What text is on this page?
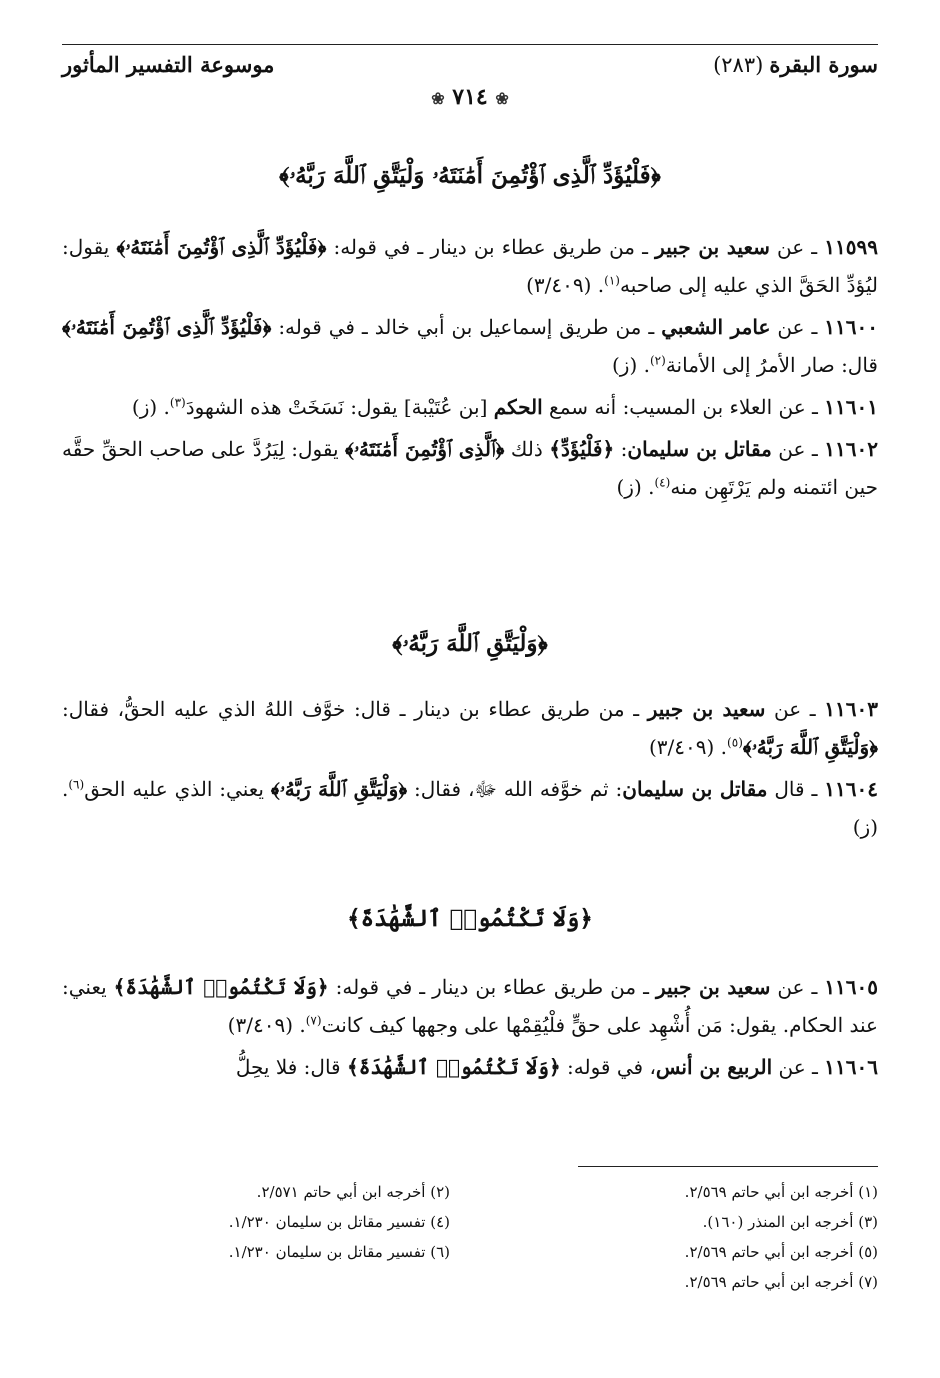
سورة البقرة(٢٨٣)
موسوعة التفسير المأثور
❀ ٧١٤ ❀
﴿فَلْيُؤَدِّ ٱلَّذِى ٱؤْتُمِنَ أَمَٰنَتَهُۥ وَلْيَتَّقِ ٱللَّهَ رَبَّهُۥ﴾
﴿وَلْيَتَّقِ ٱللَّهَ رَبَّهُۥ﴾
﴿وَلَا تَكْتُمُوا۟ ٱلشَّهَٰدَةَ﴾

١١٥٩٩ ـ عن سعيد بن جبير ـ من طريق عطاء بن دينار ـ في قوله: ﴿فَلْيُؤَدِّ ٱلَّذِى ٱؤْتُمِنَ أَمَٰنَتَهُۥ﴾ يقول: ليُؤدِّ الحَقَّ الذي عليه إلى صاحبه$^{(١)}$. (٣/٤٠٩)

١١٦٠٠ ـ عن عامر الشعبي ـ من طريق إسماعيل بن أبي خالد ـ في قوله: ﴿فَلْيُؤَدِّ ٱلَّذِى ٱؤْتُمِنَ أَمَٰنَتَهُۥ﴾ قال: صار الأمرُ إلى الأمانة$^{(٢)}$. (ز)

١١٦٠١ ـ عن العلاء بن المسيب: أنه سمع الحكم [بن عُتَيْبة] يقول: نَسَخَتْ هذه الشهودَ$^{(٣)}$. (ز)

١١٦٠٢ ـ عن مقاتل بن سليمان: ﴿فَلْيُؤَدِّ﴾ ذلك ﴿ٱلَّذِى ٱؤْتُمِنَ أَمَٰنَتَهُۥ﴾ يقول: لِيَرُدَّ على صاحب الحقِّ حقَّه حين ائتمنه ولم يَرْتَهِن منه$^{(٤)}$. (ز)

١١٦٠٣ ـ عن سعيد بن جبير ـ من طريق عطاء بن دينار ـ قال: خوَّف اللهُ الذي عليه الحقُّ، فقال: ﴿وَلْيَتَّقِ ٱللَّهَ رَبَّهُۥ﴾$^{(٥)}$. (٣/٤٠٩)

١١٦٠٤ ـ قال مقاتل بن سليمان: ثم خوَّفه الله ﷻ، فقال: ﴿وَلْيَتَّقِ ٱللَّهَ رَبَّهُۥ﴾ يعني: الذي عليه الحق$^{(٦)}$. (ز)

١١٦٠٥ ـ عن سعيد بن جبير ـ من طريق عطاء بن دينار ـ في قوله: ﴿وَلَا تَكْتُمُوا۟ ٱلشَّهَٰدَةَ﴾ يعني: عند الحكام. يقول: مَن أُشْهِد على حقٍّ فلْيُقِمْها على وجهها كيف كانت$^{(٧)}$. (٣/٤٠٩)

١١٦٠٦ ـ عن الربيع بن أنس، في قوله: ﴿وَلَا تَكْتُمُوا۟ ٱلشَّهَٰدَةَ﴾ قال: فلا يحِلُّ

(١) أخرجه ابن أبي حاتم ٢/٥٦٩.
(٢) أخرجه ابن أبي حاتم ٢/٥٧١.
(٣) أخرجه ابن المنذر (١٦٠).
(٤) تفسير مقاتل بن سليمان ١/٢٣٠.
(٥) أخرجه ابن أبي حاتم ٢/٥٦٩.
(٦) تفسير مقاتل بن سليمان ١/٢٣٠.
(٧) أخرجه ابن أبي حاتم ٢/٥٦٩.
